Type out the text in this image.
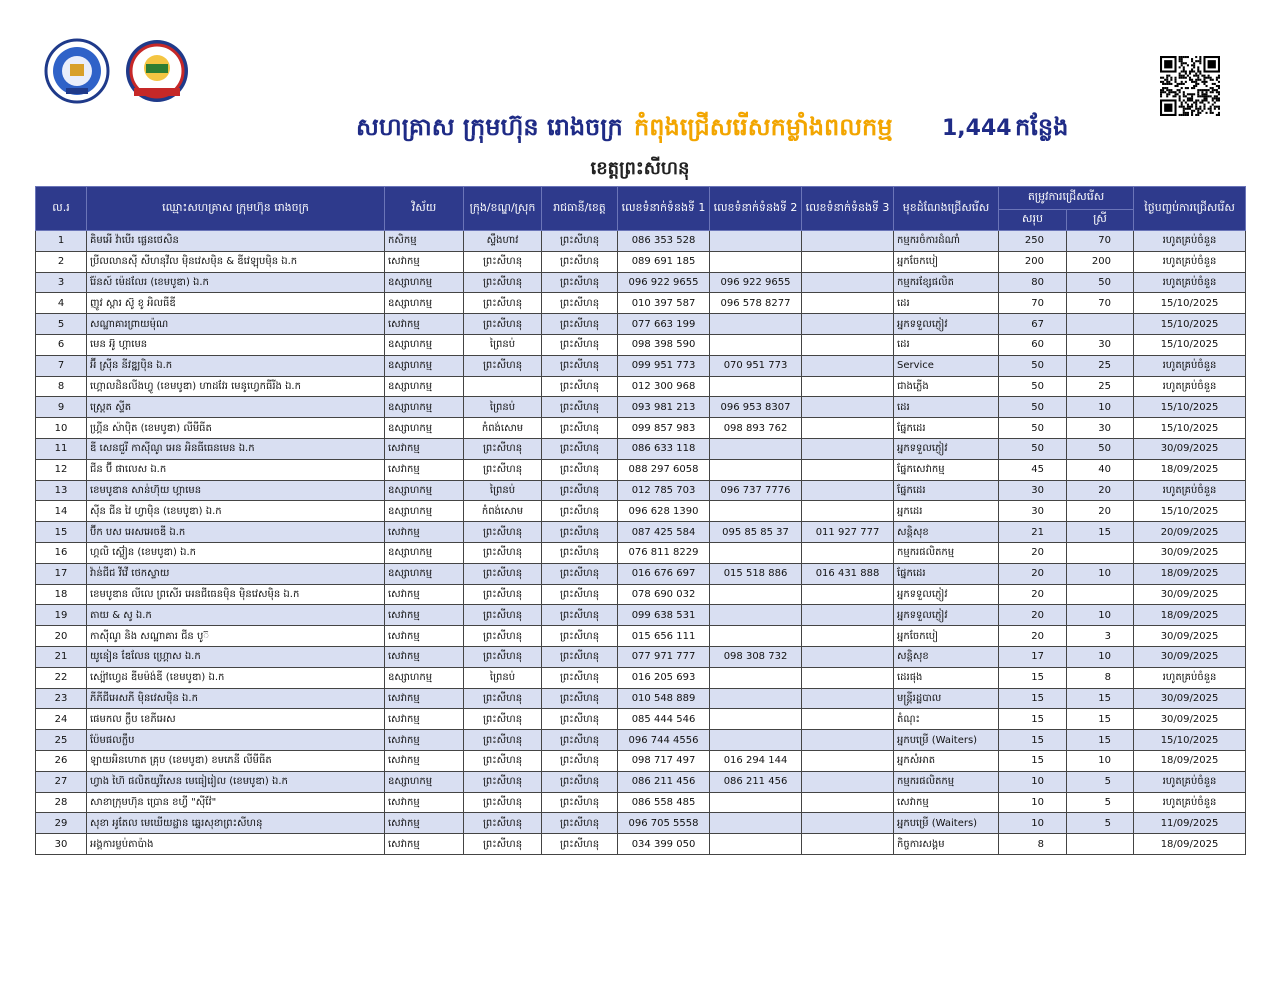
សហគ្រាស ក្រុមហ៊ុន រោងចក្រ កំពុងជ្រើសរើសកម្លាំងពលកម្ម 1,444 កន្លែង
ខេត្តព្រះសីហនុ
ល.រ	ឈ្មោះសហគ្រាស ក្រុមហ៊ុន រោងចក្រ	វិស័យ	ក្រុង/ខណ្ឌ/ស្រុក	រាជធានី/ខេត្ត	លេខទំនាក់ទំនងទី 1	លេខទំនាក់ទំនងទី 2	លេខទំនាក់ទំនងទី 3	មុខដំណែងជ្រើសរើស	តម្រូវការជ្រើសរើស		ថ្ងៃបញ្ចប់ការជ្រើសរើស
									សរុប	ស្រី	
1	គិមអេី វ៉ាបេីរ ផ្លេនថេសិន	កសិកម្ម	ស្ទឹងហាវ	ព្រះសីហនុ	086 353 528			កម្មករចំការដំណាំ	250	70	រហូតគ្រប់ចំនួន
2	ប្រីលលានស៊ី សីហនុវីល ម៉ិនវេសម៉ិន & ឌីវេឡុបម៉ិន ឯ.ក	សេវាកម្ម	ព្រះសីហនុ	ព្រះសីហនុ	089 691 185			អ្នកចែកបៀ	200	200	រហូតគ្រប់ចំនួន
3	រ៉ែនស៍ ម៉េដលែរ (ខេមបូឌា) ឯ.ក	ឧស្សាហកម្ម	ព្រះសីហនុ	ព្រះសីហនុ	096 922 9655	096 922 9655		កម្មករខ្សែផលិត	80	50	រហូតគ្រប់ចំនួន
4	ញូវ ស្តារ ស៊ូ ខូ អិលធីឌី	ឧស្សាហកម្ម	ព្រះសីហនុ	ព្រះសីហនុ	010 397 587	096 578 8277		ដេរ	70	70	15/10/2025
5	សណ្ឋាគារព្រាយម៉ុណ	សេវាកម្ម	ព្រះសីហនុ	ព្រះសីហនុ	077 663 199			អ្នកទទួលភ្ញៀវ	67		15/10/2025
6	មេន អ៊ូ ហ្គាមេន	ឧស្សាហកម្ម	ព្រៃនប់	ព្រះសីហនុ	098 398 590			ដេរ	60	30	15/10/2025
7	អ៊ី ស្រ៊ីន នីវឌ្ឍប៉ិន ឯ.ក	ឧស្សាហកម្ម	ព្រះសីហនុ	ព្រះសីហនុ	099 951 773	070 951 773		Service	50	25	រហូតគ្រប់ចំនួន
8	ហ្គោលដិនលីងហ្វូ (ខេមបូឌា) ហាដវែរ មេនូហ្វេកធីរីង ឯ.ក	ឧស្សាហកម្ម		ព្រះសីហនុ	012 300 968			ជាងភ្លើង	50	25	រហូតគ្រប់ចំនួន
9	ស្ត្រេត ស្ទីត	ឧស្សាហកម្ម	ព្រៃនប់	ព្រះសីហនុ	093 981 213	096 953 8307		ដេរ	50	10	15/10/2025
10	ហ្គ្រីន ស៉ាប៉ិត (ខេមបូឌា) លីមីធីត	ឧស្សាហកម្ម	កំពង់សោម	ព្រះសីហនុ	099 857 983	098 893 762		ផ្នែកដេរ	50	30	15/10/2025
11	ឌី សេនជួរី កាស៊ីណូ អេន អិនធីធេនមេន ឯ.ក	សេវាកម្ម	ព្រះសីហនុ	ព្រះសីហនុ	086 633 118			អ្នកទទួលភ្ញៀវ	50	50	30/09/2025
12	ជីន ប៊ី ផាលេស ឯ.ក	សេវាកម្ម	ព្រះសីហនុ	ព្រះសីហនុ	088 297 6058			ផ្នែកសេវាកម្ម	45	40	18/09/2025
13	ខេមបូឌាន សាន់ហ៊ុយ ហ្គាមេន	ឧស្សាហកម្ម	ព្រៃនប់	ព្រះសីហនុ	012 785 703	096 737 7776		ផ្នែកដេរ	30	20	រហូតគ្រប់ចំនួន
14	ស៊ីន ជីន វៃ ហ្វាម៉ិន (ខេមបូឌា) ឯ.ក	ឧស្សាហកម្ម	កំពង់សោម	ព្រះសីហនុ	096 628 1390			អ្នកដេរ	30	20	15/10/2025
15	ប៊ីក បស អេសអេចឌី ឯ.ក	សេវាកម្ម	ព្រះសីហនុ	ព្រះសីហនុ	087 425 584	095 85 85 37	011 927 777	សន្តិសុខ	21	15	20/09/2025
16	ហ្គលិ ស៊្លៀន (ខេមបូឌា) ឯ.ក	ឧស្សាហកម្ម	ព្រះសីហនុ	ព្រះសីហនុ	076 811 8229			កម្មករផលិតកម្ម	20		30/09/2025
17	វ៉ាន់ជីជ វីវើ ថេកស្ទាយ	ឧស្សាហកម្ម	ព្រះសីហនុ	ព្រះសីហនុ	016 676 697	015 518 886	016 431 888	ផ្នែកដេរ	20	10	18/09/2025
18	ខេមបូឌាន លីលេ ព្រសើរ អេនជីធេនម៉ិន ម៉ិនវេសម៉ិន ឯ.ក	សេវាកម្ម	ព្រះសីហនុ	ព្រះសីហនុ	078 690 032			អ្នកទទួលភ្ញៀវ	20		30/09/2025
19	តាយ & សូ ឯ.ក	សេវាកម្ម	ព្រះសីហនុ	ព្រះសីហនុ	099 638 531			អ្នកទទួលភ្ញៀវ	20	10	18/09/2025
20	កាស៊ីណូ និង សណ្ឋាគារ ជីន បូ៊	សេវាកម្ម	ព្រះសីហនុ	ព្រះសីហនុ	015 656 111			អ្នកចែកបៀ	20	3	30/09/2025
21	យូនៀន ឌែលែន ហ្គ្រោស ឯ.ក	សេវាកម្ម	ព្រះសីហនុ	ព្រះសីហនុ	077 971 777	098 308 732		សន្តិសុខ	17	10	30/09/2025
22	ស្ប៉ៅហ្វេដ ឌីមម៉ង់ឌី (ខេមបូឌា) ឯ.ក	ឧស្សាហកម្ម	ព្រៃនប់	ព្រះសីហនុ	016 205 693			ដេរផុង	15	8	រហូតគ្រប់ចំនួន
23	ភីភីជីអេសភី ម៉ិនវេសម៉ិន ឯ.ក	សេវាកម្ម	ព្រះសីហនុ	ព្រះសីហនុ	010 548 889			មន្ត្រីរដ្ឋបាល	15	15	30/09/2025
24	ផេមកល ក្លឹប ខេភីអេស	សេវាកម្ម	ព្រះសីហនុ	ព្រះសីហនុ	085 444 546			តំណុះ	15	15	30/09/2025
25	ប៉ែមផលក្លឹប	សេវាកម្ម	ព្រះសីហនុ	ព្រះសីហនុ	096 744 4556			អ្នកបម្រើ (Waiters)	15	15	15/10/2025
26	ឡាយអិនហោត គ្រុប (ខេមបូឌា) ខមភេនី លីមីធីត	សេវាកម្ម	ព្រះសីហនុ	ព្រះសីហនុ	098 717 497	016 294 144		អ្នកសំអាត	15	10	18/09/2025
27	ហ្វាង ហ៊ៃ ផលិតយូរីសេន មេធៀរៀល (ខេមបូឌា) ឯ.ក	ឧស្សាហកម្ម	ព្រះសីហនុ	ព្រះសីហនុ	086 211 456	086 211 456		កម្មករផលិតកម្ម	10	5	រហូតគ្រប់ចំនួន
28	សាខាក្រុមហ៊ុន ប្រោន ខហ្វី "ស៊ីវ៉ែ"	សេវាកម្ម	ព្រះសីហនុ	ព្រះសីហនុ	086 558 485			សេវាកម្ម	10	5	រហូតគ្រប់ចំនួន
29	សុខា អូតែល មេឃេីយដ្ឋាន ឆ្នេរសុខាព្រះសីហនុ	សេវាកម្ម	ព្រះសីហនុ	ព្រះសីហនុ	096 705 5558			អ្នកបម្រើ (Waiters)	10	5	11/09/2025
30	អង្គការម្លប់តាប៉ាង	សេវាកម្ម	ព្រះសីហនុ	ព្រះសីហនុ	034 399 050			កិច្ចការសង្គម	8		18/09/2025
